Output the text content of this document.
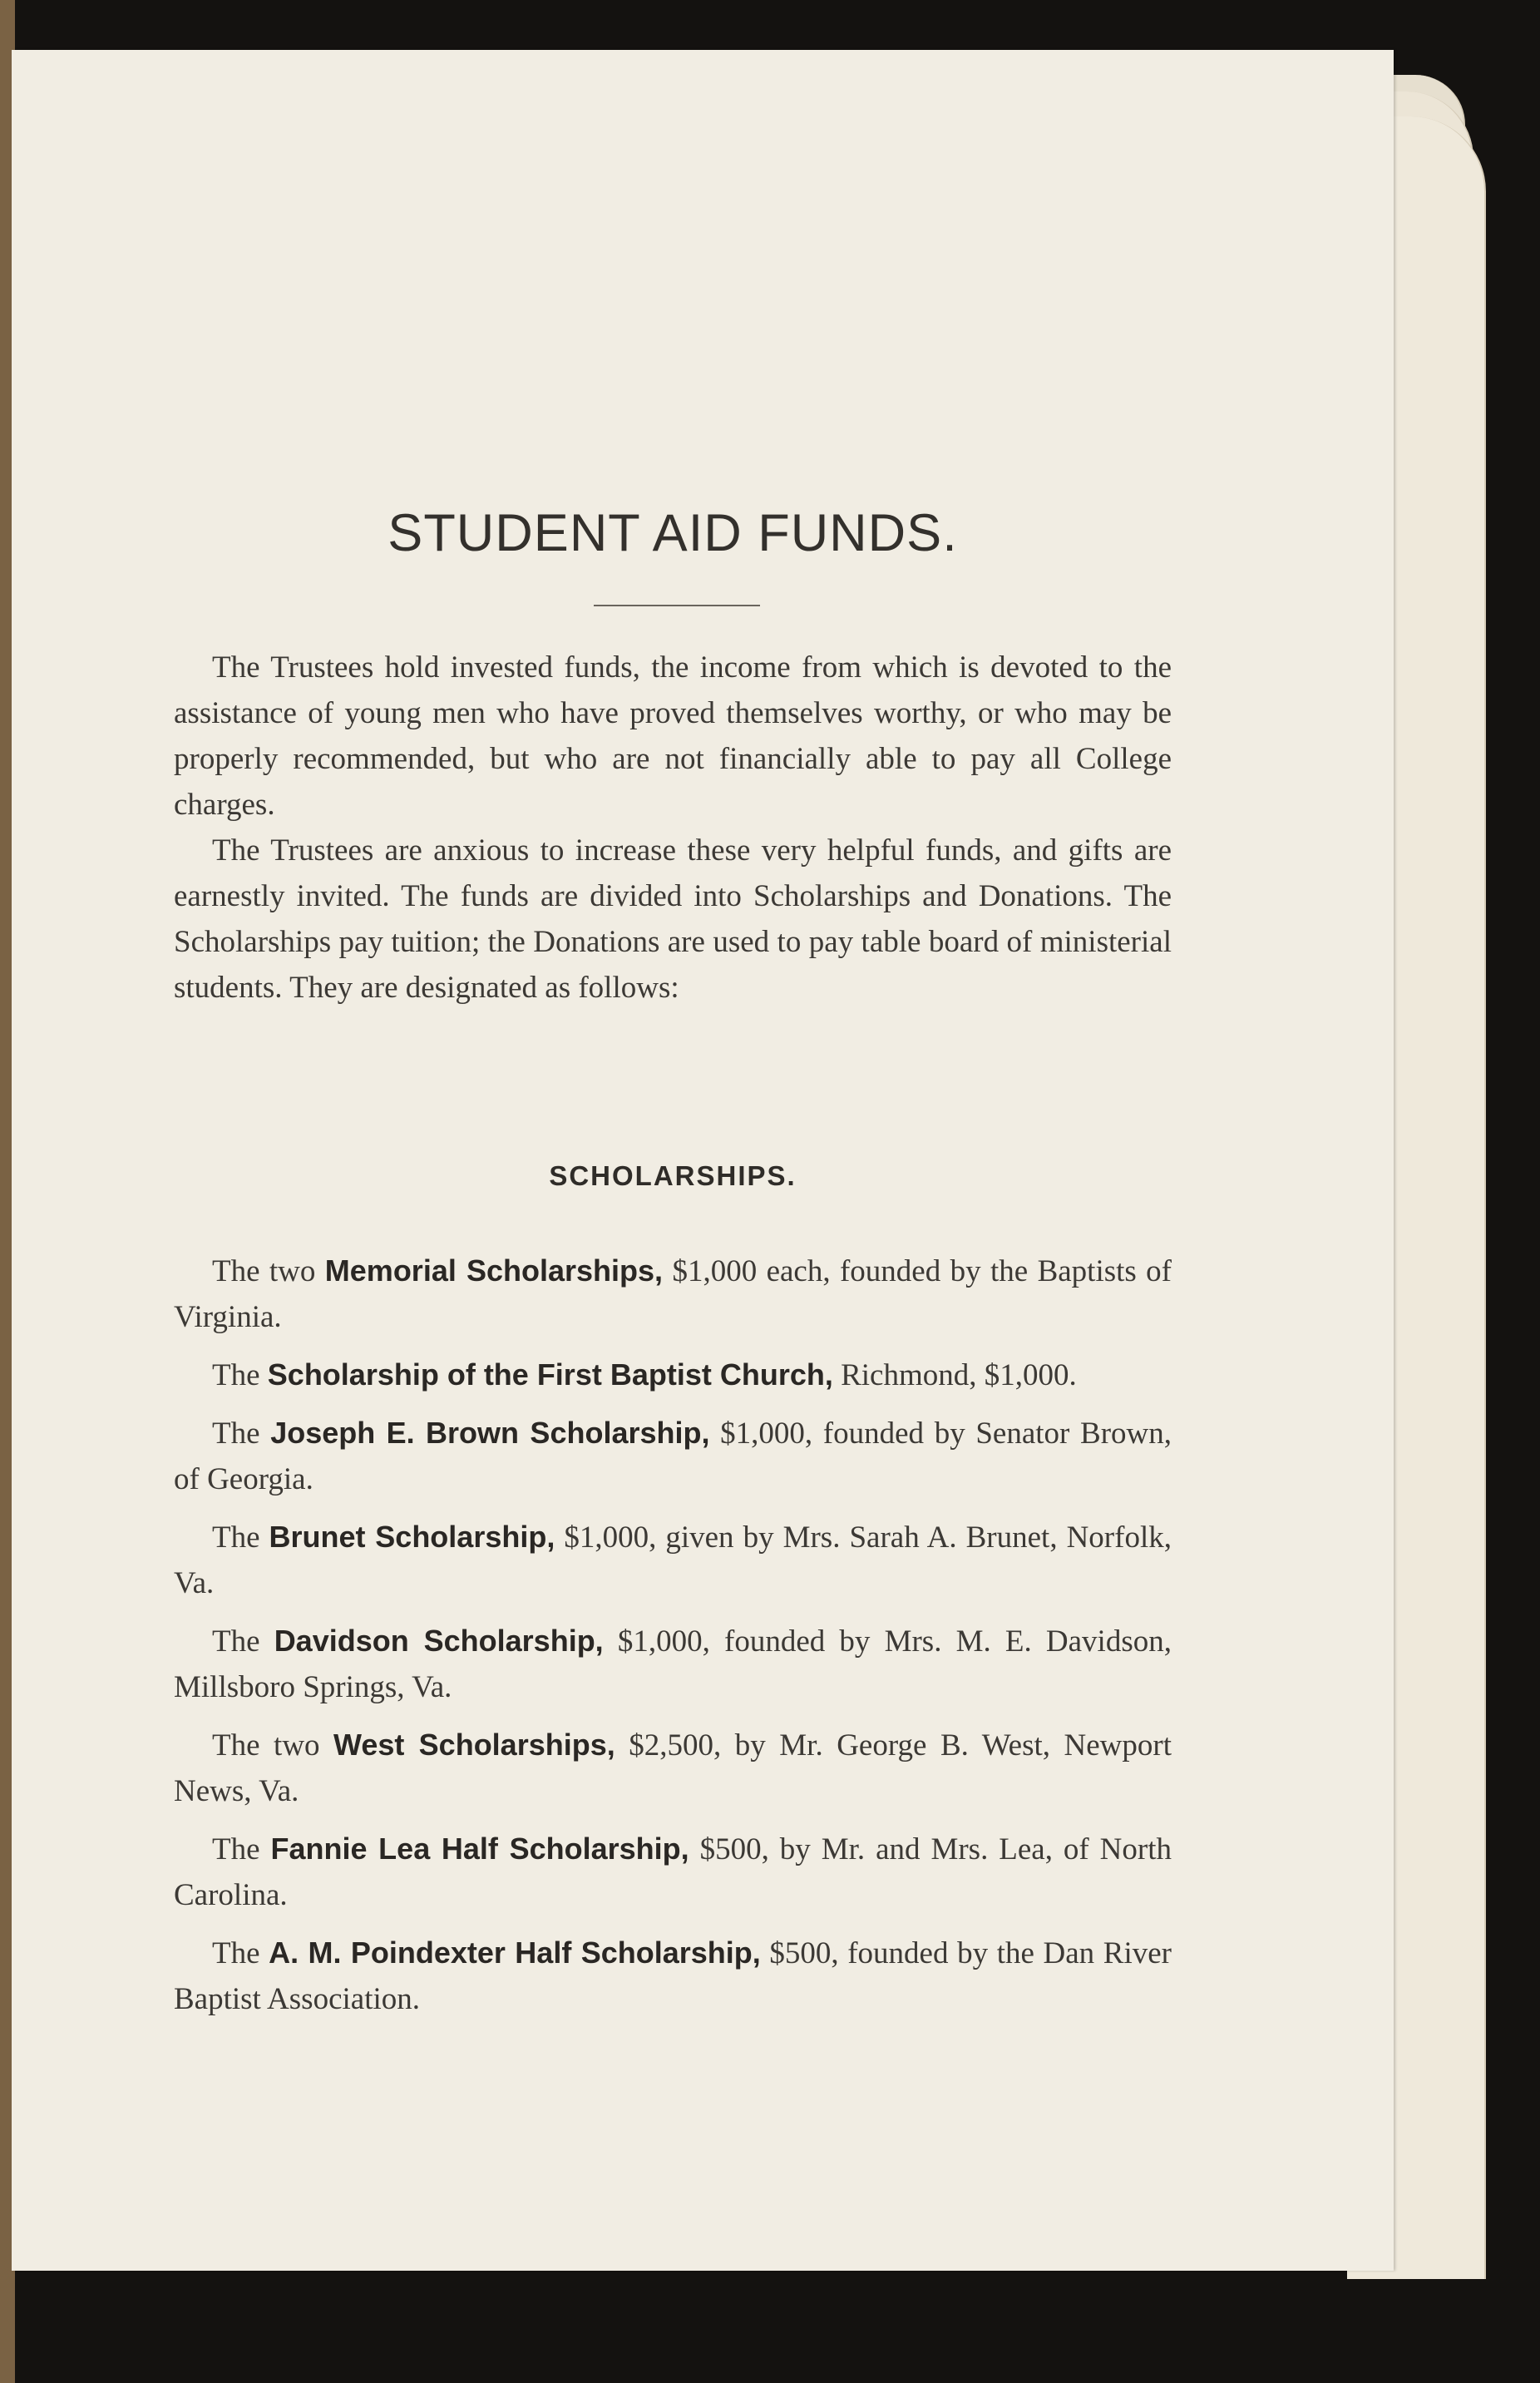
STUDENT AID FUNDS.

The Trustees hold invested funds, the income from which is devoted to the assistance of young men who have proved themselves worthy, or who may be properly recommended, but who are not financially able to pay all College charges.

The Trustees are anxious to increase these very helpful funds, and gifts are earnestly invited. The funds are divided into Scholarships and Donations. The Scholarships pay tuition; the Donations are used to pay table board of ministerial students. They are designated as follows:

SCHOLARSHIPS.

The two Memorial Scholarships, $1,000 each, founded by the Baptists of Virginia.

The Scholarship of the First Baptist Church, Richmond, $1,000.

The Joseph E. Brown Scholarship, $1,000, founded by Senator Brown, of Georgia.

The Brunet Scholarship, $1,000, given by Mrs. Sarah A. Brunet, Norfolk, Va.

The Davidson Scholarship, $1,000, founded by Mrs. M. E. Davidson, Millsboro Springs, Va.

The two West Scholarships, $2,500, by Mr. George B. West, Newport News, Va.

The Fannie Lea Half Scholarship, $500, by Mr. and Mrs. Lea, of North Carolina.

The A. M. Poindexter Half Scholarship, $500, founded by the Dan River Baptist Association.
